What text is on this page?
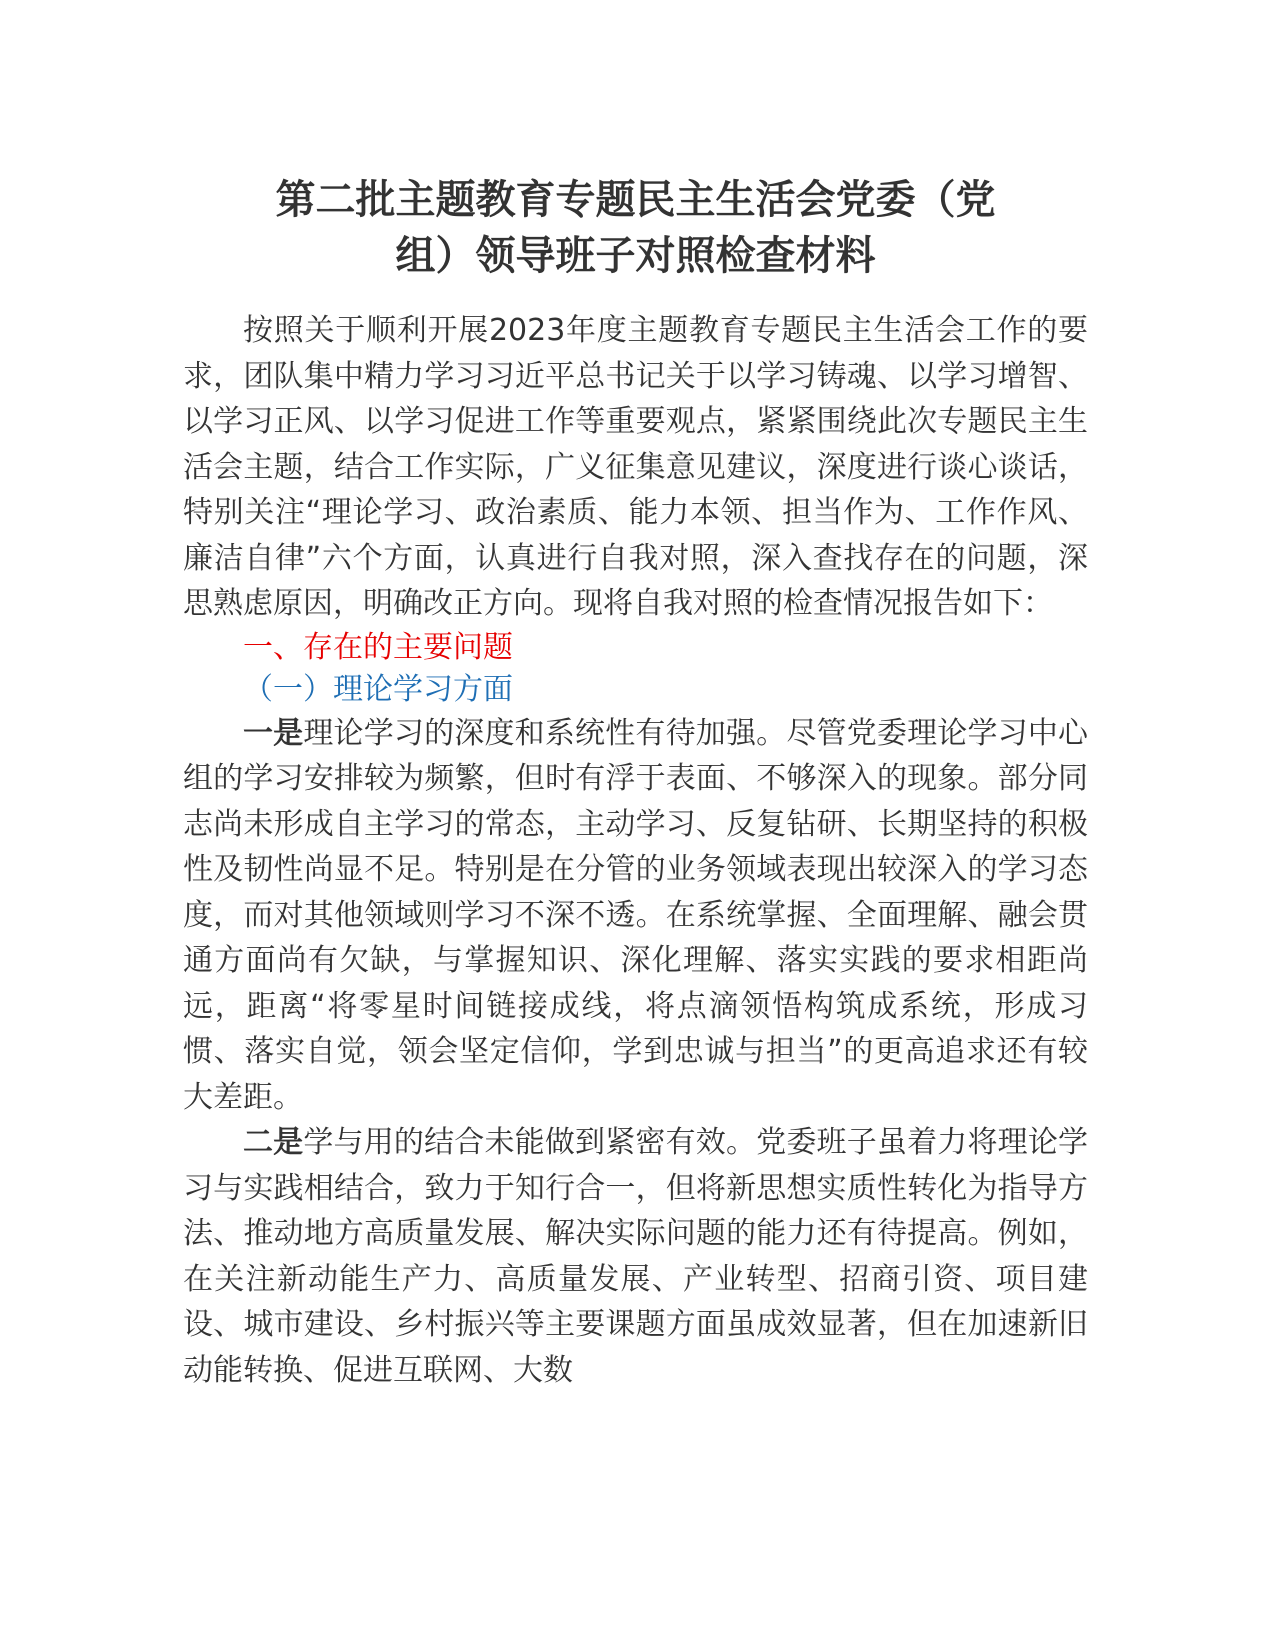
第二批主题教育专题民主生活会党委（党
组）领导班子对照检查材料

按照关于顺利开展2023年度主题教育专题民主生活会工作的要求，团队集中精力学习习近平总书记关于以学习铸魂、以学习增智、以学习正风、以学习促进工作等重要观点，紧紧围绕此次专题民主生活会主题，结合工作实际，广义征集意见建议，深度进行谈心谈话，特别关注“理论学习、政治素质、能力本领、担当作为、工作作风、廉洁自律”六个方面，认真进行自我对照，深入查找存在的问题，深思熟虑原因，明确改正方向。现将自我对照的检查情况报告如下：

一、存在的主要问题

（一）理论学习方面

一是理论学习的深度和系统性有待加强。尽管党委理论学习中心组的学习安排较为频繁，但时有浮于表面、不够深入的现象。部分同志尚未形成自主学习的常态，主动学习、反复钻研、长期坚持的积极性及韧性尚显不足。特别是在分管的业务领域表现出较深入的学习态度，而对其他领域则学习不深不透。在系统掌握、全面理解、融会贯通方面尚有欠缺，与掌握知识、深化理解、落实实践的要求相距尚远，距离“将零星时间链接成线，将点滴领悟构筑成系统，形成习惯、落实自觉，领会坚定信仰，学到忠诚与担当”的更高追求还有较大差距。

二是学与用的结合未能做到紧密有效。党委班子虽着力将理论学习与实践相结合，致力于知行合一，但将新思想实质性转化为指导方法、推动地方高质量发展、解决实际问题的能力还有待提高。例如，在关注新动能生产力、高质量发展、产业转型、招商引资、项目建设、城市建设、乡村振兴等主要课题方面虽成效显著，但在加速新旧动能转换、促进互联网、大数
